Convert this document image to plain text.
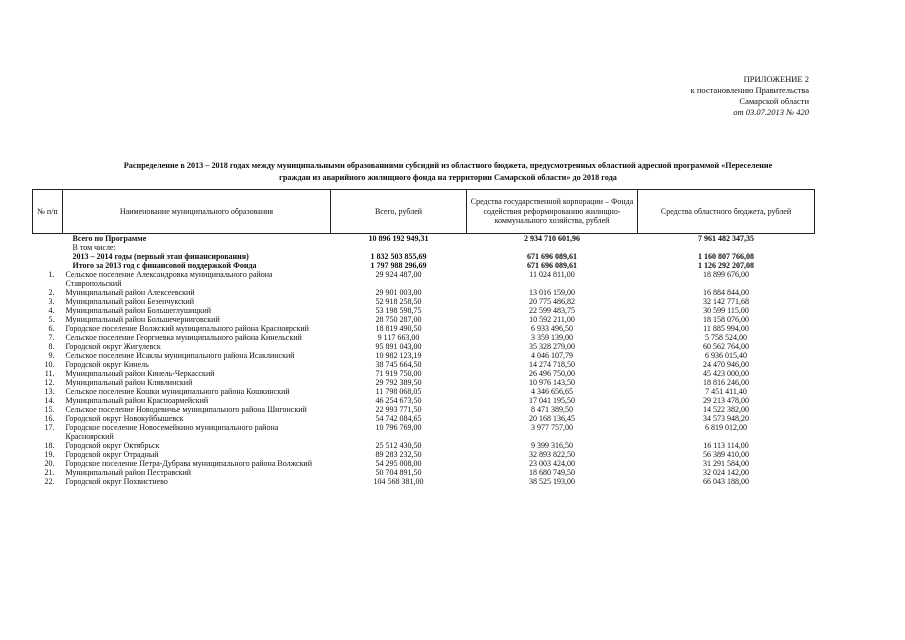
ПРИЛОЖЕНИЕ 2
к постановлению Правительства
Самарской области
от 03.07.2013 № 420
Распределение в 2013 – 2018 годах между муниципальными образованиями субсидий из областного бюджета, предусмотренных областной адресной программой «Переселение
граждан из аварийного жилищного фонда на территории Самарской области» до 2018 года
№ п/п	Наименование муниципального образования	Всего, рублей	Средства государственной корпорации – Фонда содействия реформированию жилищно-коммунального хозяйства, рублей	Средства областного бюджета, рублей
	Всего по Программе	10 896 192 949,31	2 934 710 601,96	7 961 482 347,35
	В том числе:			
	2013 – 2014 годы (первый этап финансирования)	1 832 503 855,69	671 696 089,61	1 160 807 766,08
	Итого за 2013 год с финансовой поддержкой Фонда	1 797 988 296,69	671 696 089,61	1 126 292 207,08
1.	Сельское поселение Александровка муниципального района Ставропольский	29 924 487,00	11 024 811,00	18 899 676,00
2.	Муниципальный район Алексеевский	29 901 003,00	13 016 159,00	16 884 844,00
3.	Муниципальный район Безенчукский	52 918 258,50	20 775 486,82	32 142 771,68
4.	Муниципальный район Большеглушицкий	53 198 598,75	22 599 483,75	30 599 115,00
5.	Муниципальный район Большечерниговский	28 750 287,00	10 592 211,00	18 158 076,00
6.	Городское поселение Волжский муниципального района Красноярский	18 819 490,50	6 933 496,50	11 885 994,00
7.	Сельское поселение Георгиевка муниципального района Кинельский	9 117 663,00	3 359 139,00	5 758 524,00
8.	Городской округ Жигулевск	95 891 043,00	35 328 279,00	60 562 764,00
9.	Сельское поселение Исаклы муниципального района Исаклинский	10 982 123,19	4 046 107,79	6 936 015,40
10.	Городской округ Кинель	38 745 664,50	14 274 718,50	24 470 946,00
11.	Муниципальный район Кинель-Черкасский	71 919 750,00	26 496 750,00	45 423 000,00
12.	Муниципальный район Клявлинский	29 792 389,50	10 976 143,50	18 816 246,00
13.	Сельское поселение Кошки муниципального района Кошкинский	11 798 068,05	4 346 656,65	7 451 411,40
14.	Муниципальный район Красноармейский	46 254 673,50	17 041 195,50	29 213 478,00
15.	Сельское поселение Новодевичье муниципального района Шигонский	22 993 771,50	8 471 389,50	14 522 382,00
16.	Городской округ Новокуйбышевск	54 742 084,65	20 168 136,45	34 573 948,20
17.	Городское поселение Новосемейкино муниципального района Красноярский	10 796 769,00	3 977 757,00	6 819 012,00
18.	Городской округ Октябрьск	25 512 430,50	9 399 316,50	16 113 114,00
19.	Городской округ Отрадный	89 283 232,50	32 893 822,50	56 389 410,00
20.	Городское поселение Петра-Дубрава муниципального района Волжский	54 295 008,00	23 003 424,00	31 291 584,00
21.	Муниципальный район Пестравский	50 704 891,50	18 680 749,50	32 024 142,00
22.	Городской округ Похвистнево	104 568 381,00	38 525 193,00	66 043 188,00
